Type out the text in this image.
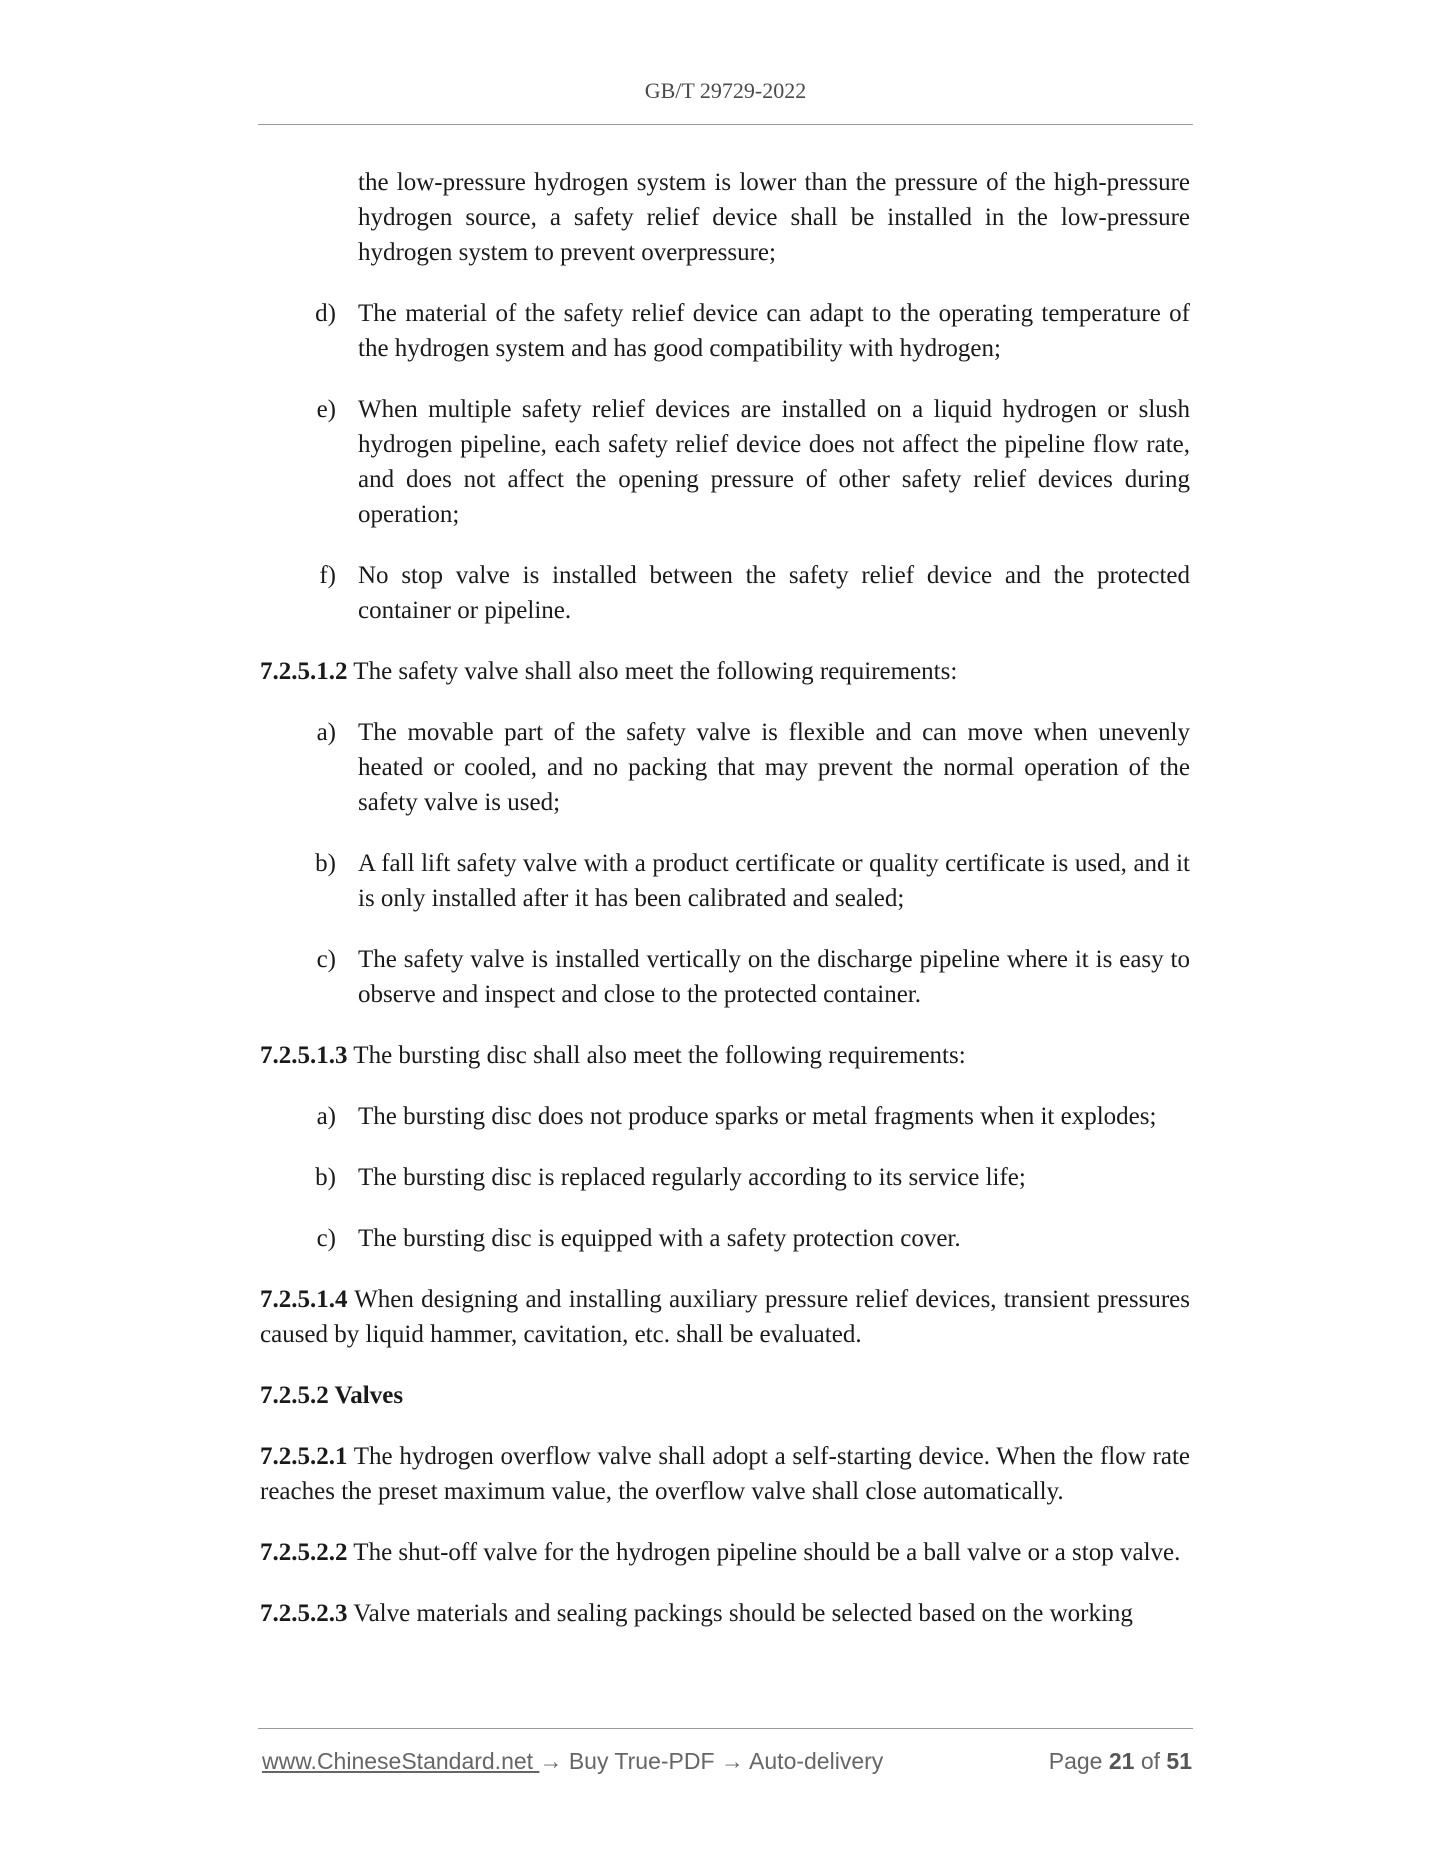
GB/T 29729-2022
the low-pressure hydrogen system is lower than the pressure of the high-pressure hydrogen source, a safety relief device shall be installed in the low-pressure hydrogen system to prevent overpressure;
d) The material of the safety relief device can adapt to the operating temperature of the hydrogen system and has good compatibility with hydrogen;
e) When multiple safety relief devices are installed on a liquid hydrogen or slush hydrogen pipeline, each safety relief device does not affect the pipeline flow rate, and does not affect the opening pressure of other safety relief devices during operation;
f) No stop valve is installed between the safety relief device and the protected container or pipeline.
7.2.5.1.2 The safety valve shall also meet the following requirements:
a) The movable part of the safety valve is flexible and can move when unevenly heated or cooled, and no packing that may prevent the normal operation of the safety valve is used;
b) A fall lift safety valve with a product certificate or quality certificate is used, and it is only installed after it has been calibrated and sealed;
c) The safety valve is installed vertically on the discharge pipeline where it is easy to observe and inspect and close to the protected container.
7.2.5.1.3 The bursting disc shall also meet the following requirements:
a) The bursting disc does not produce sparks or metal fragments when it explodes;
b) The bursting disc is replaced regularly according to its service life;
c) The bursting disc is equipped with a safety protection cover.
7.2.5.1.4 When designing and installing auxiliary pressure relief devices, transient pressures caused by liquid hammer, cavitation, etc. shall be evaluated.
7.2.5.2 Valves
7.2.5.2.1 The hydrogen overflow valve shall adopt a self-starting device. When the flow rate reaches the preset maximum value, the overflow valve shall close automatically.
7.2.5.2.2 The shut-off valve for the hydrogen pipeline should be a ball valve or a stop valve.
7.2.5.2.3 Valve materials and sealing packings should be selected based on the working
www.ChineseStandard.net → Buy True-PDF → Auto-delivery	Page 21 of 51
